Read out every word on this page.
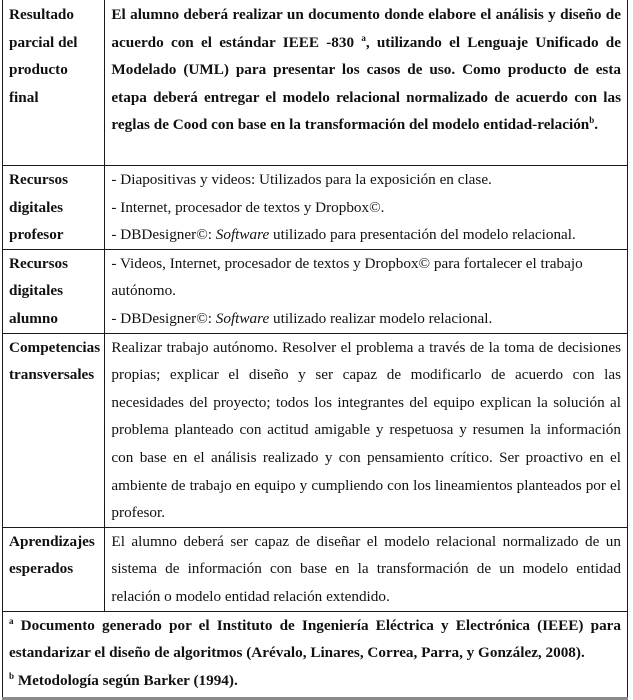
Resultado parcial del producto final	El alumno deberá realizar un documento donde elabore el análisis y diseño de acuerdo con el estándar IEEE -830 $^a$, utilizando el Lenguaje Unificado de Modelado (UML) para presentar los casos de uso. Como producto de esta etapa deberá entregar el modelo relacional normalizado de acuerdo con las reglas de Cood con base en la transformación del modelo entidad-relación$^b$.
Recursos digitales profesor	- Diapositivas y videos: Utilizados para la exposición en clase.
- Internet, procesador de textos y Dropbox©.
- DBDesigner©: Software utilizado para presentación del modelo relacional.

Recursos digitales alumno	- Videos, Internet, procesador de textos y Dropbox© para fortalecer el trabajo autónomo.
- DBDesigner©: Software utilizado realizar modelo relacional.

Competencias transversales	Realizar trabajo autónomo. Resolver el problema a través de la toma de decisiones propias; explicar el diseño y ser capaz de modificarlo de acuerdo con las necesidades del proyecto; todos los integrantes del equipo explican la solución al problema planteado con actitud amigable y respetuosa y resumen la información con base en el análisis realizado y con pensamiento crítico. Ser proactivo en el ambiente de trabajo en equipo y cumpliendo con los lineamientos planteados por el profesor.
Aprendizajes esperados	El alumno deberá ser capaz de diseñar el modelo relacional normalizado de un sistema de información con base en la transformación de un modelo entidad relación o modelo entidad relación extendido.

$^a$ Documento generado por el Instituto de Ingeniería Eléctrica y Electrónica (IEEE) para estandarizar el diseño de algoritmos (Arévalo, Linares, Correa, Parra, y González, 2008).
$^b$ Metodología según Barker (1994).	
